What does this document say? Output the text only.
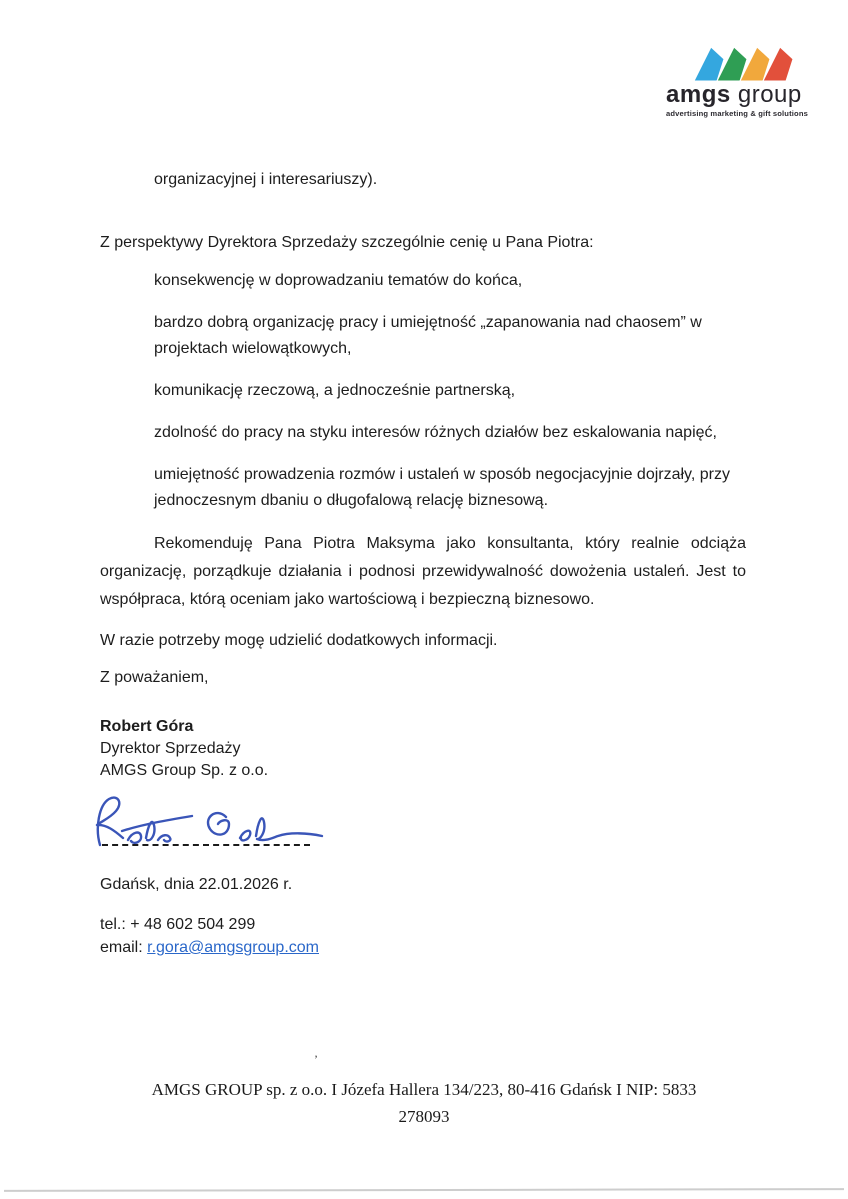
amgs group
advertising marketing & gift solutions

organizacyjnej i interesariuszy).

Z perspektywy Dyrektora Sprzedaży szczególnie cenię u Pana Piotra:

konsekwencję w doprowadzaniu tematów do końca,
bardzo dobrą organizację pracy i umiejętność „zapanowania nad chaosem” w projektach wielowątkowych,
komunikację rzeczową, a jednocześnie partnerską,
zdolność do pracy na styku interesów różnych działów bez eskalowania napięć,
umiejętność prowadzenia rozmów i ustaleń w sposób negocjacyjnie dojrzały, przy jednoczesnym dbaniu o długofalową relację biznesową.

Rekomenduję Pana Piotra Maksyma jako konsultanta, który realnie odciąża organizację, porządkuje działania i podnosi przewidywalność dowożenia ustaleń. Jest to współpraca, którą oceniam jako wartościową i bezpieczną biznesowo.

W razie potrzeby mogę udzielić dodatkowych informacji.

Z poważaniem,

Robert Góra
Dyrektor Sprzedaży
AMGS Group Sp. z o.o.

Gdańsk, dnia 22.01.2026 r.

tel.: + 48 602 504 299
email: r.gora@amgsgroup.com
’
AMGS GROUP sp. z o.o. I Józefa Hallera 134/223, 80-416 Gdańsk I NIP: 5833
278093
